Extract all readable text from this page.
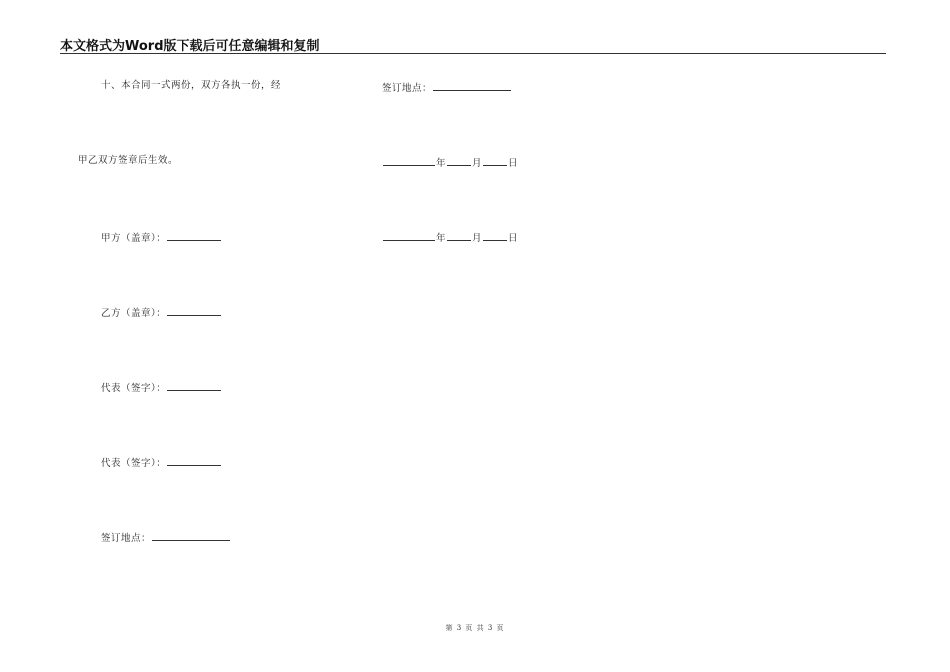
本文格式为Word版下载后可任意编辑和复制
十、本合同一式两份，双方各执一份，经
甲乙双方签章后生效。
甲方（盖章）：
乙方（盖章）：
代表（签字）：
代表（签字）：
签订地点：
签订地点：
年	月	日
年	月	日
第 3 页 共 3 页
